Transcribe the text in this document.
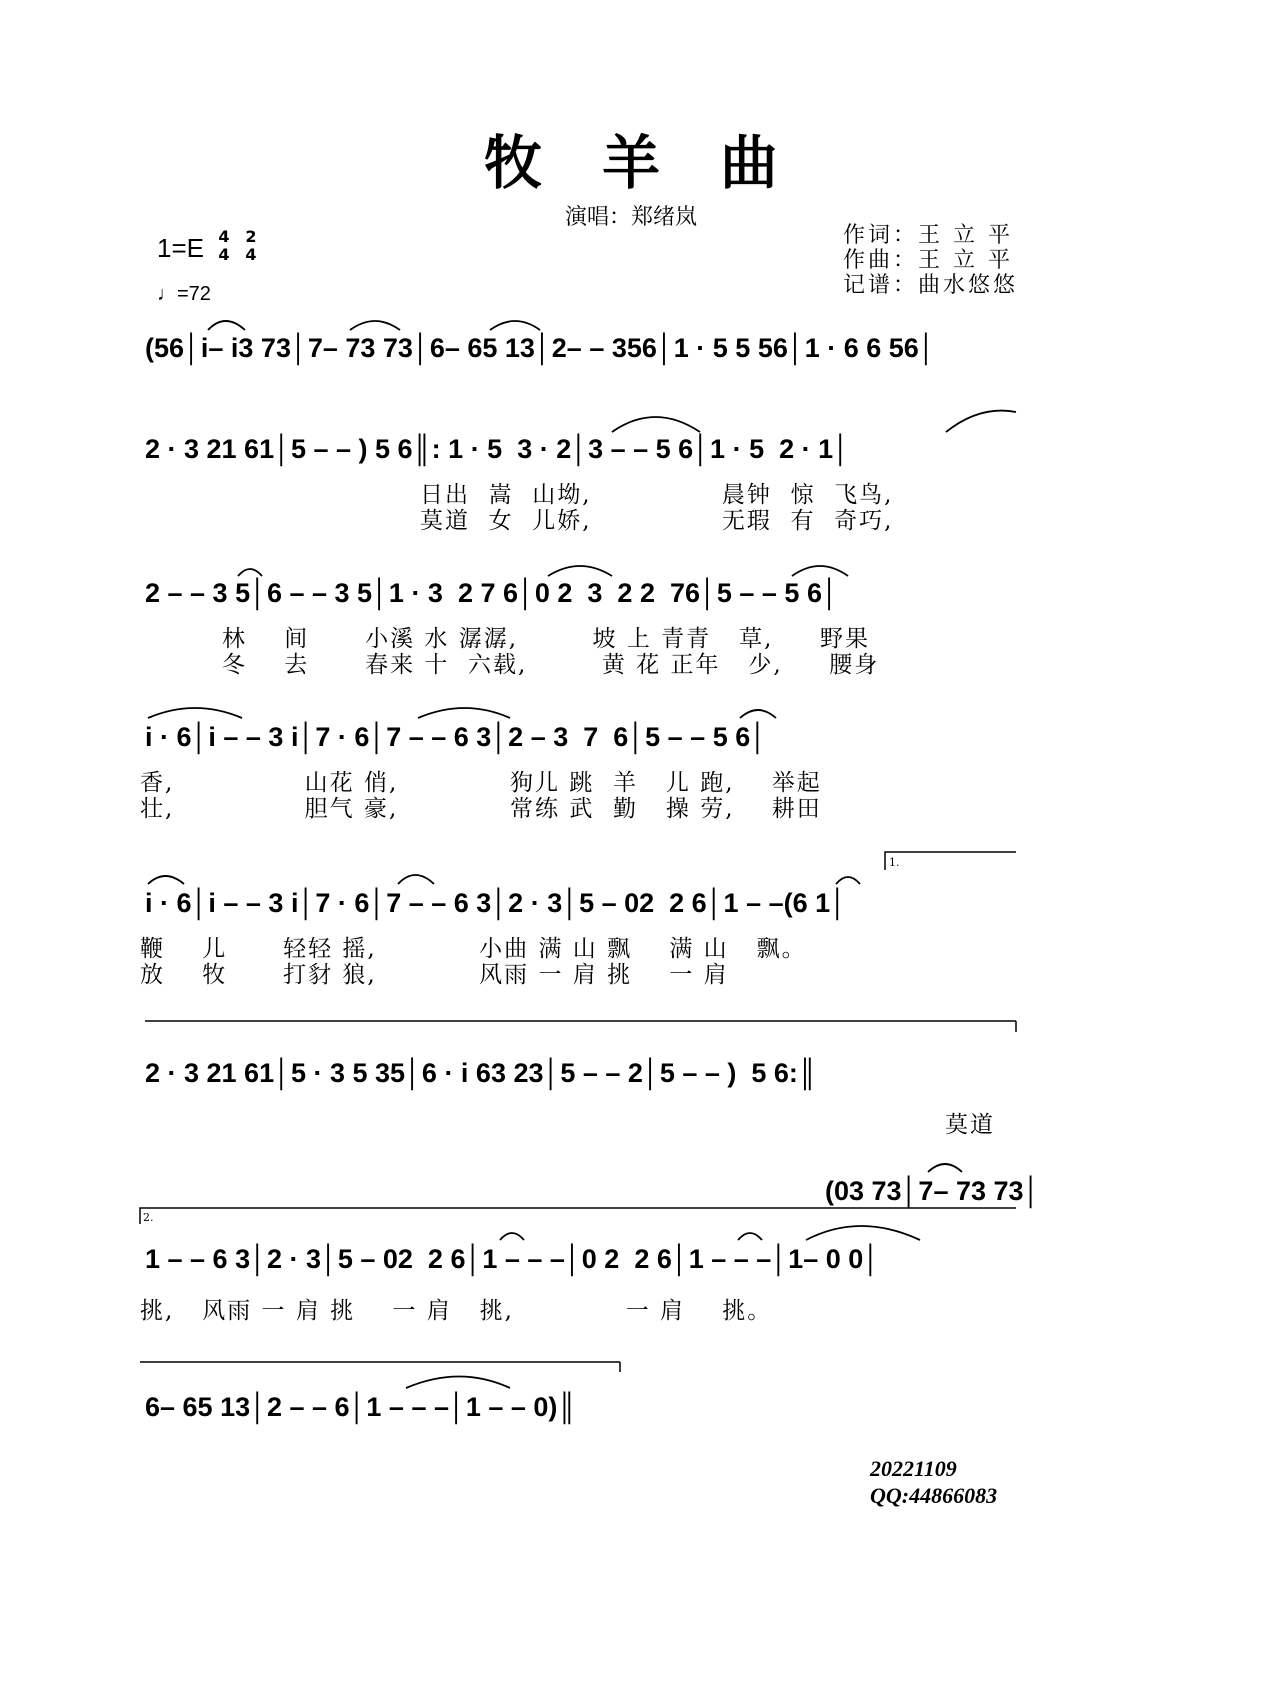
牧羊曲
演唱：郑绪岚
1=E 4
4
2
4
♩=72
作词：王 立 平
作曲：王 立 平
记谱：曲水悠悠
(56│i– i3 73│7– 73 73│6– 65 13│2– – 356│1 · 5 5 56│1 · 6 6 56│
2 · 3 21 61│5 – – ) 5 6║: 1 · 5  3 · 2│3 – – 5 6│1 · 5  2 · 1│
日出  嵩  山坳,              晨钟  惊  飞鸟,
莫道  女  儿娇,              无瑕  有  奇巧,
2 – – 3 5│6 – – 3 5│1 · 3  2 7 6│0 2  3  2 2  76│5 – – 5 6│
林    间      小溪 水 潺潺,        坡 上 青青   草,     野果
冬    去      春来 十  六载,        黄 花 正年   少,     腰身
i · 6│i – – 3 i│7 · 6│7 – – 6 3│2 – 3  7  6│5 – – 5 6│
香,              山花 俏,            狗儿 跳  羊   儿 跑,    举起
壮,              胆气 豪,            常练 武  勤   操 劳,    耕田
1.
i · 6│i – – 3 i│7 · 6│7 – – 6 3│2 · 3│5 – 02  2 6│1 – –(6 1│
鞭    儿      轻轻 摇,           小曲 满 山 飘    满 山   飘。
放    牧      打豺 狼,           风雨 一 肩 挑    一 肩
2 · 3 21 61│5 · 3 5 35│6 · i 63 23│5 – – 2│5 – – )  5 6:║
莫道
(03 73│7– 73 73│
2.
1 – – 6 3│2 · 3│5 – 02  2 6│1 – – –│0 2  2 6│1 – – –│1– 0 0│
挑,   风雨 一 肩 挑    一 肩   挑,            一 肩    挑。
6– 65 13│2 – – 6│1 – – –│1 – – 0)║
20221109
QQ:44866083
